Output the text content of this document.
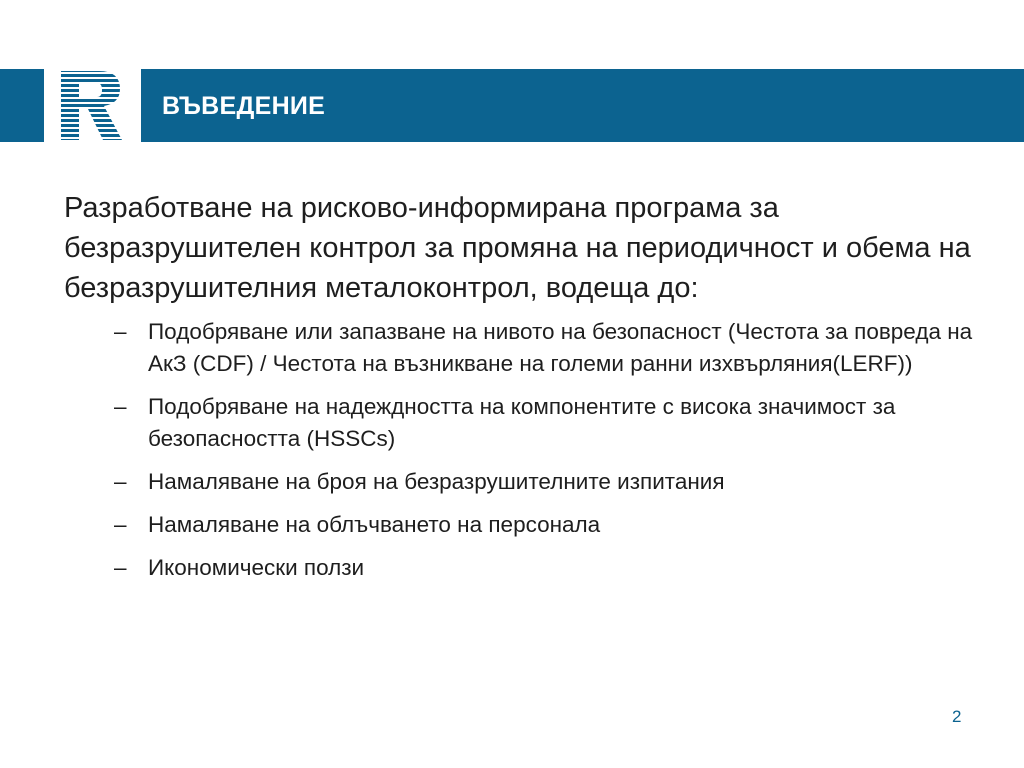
ВЪВЕДЕНИЕ

Разработване на рисково-информирана програма за безразрушителен контрол за промяна на периодичност и обема на безразрушителния металоконтрол, водеща до:

– Подобряване или запазване на нивото на безопасност (Честота за повреда на АкЗ (CDF) / Честота на възникване на големи ранни изхвърляния(LERF))
– Подобряване на надеждността на компонентите с висока значимост за безопасността (HSSCs)
– Намаляване на броя на безразрушителните изпитания
– Намаляване на облъчването на персонала
– Икономически ползи
2
